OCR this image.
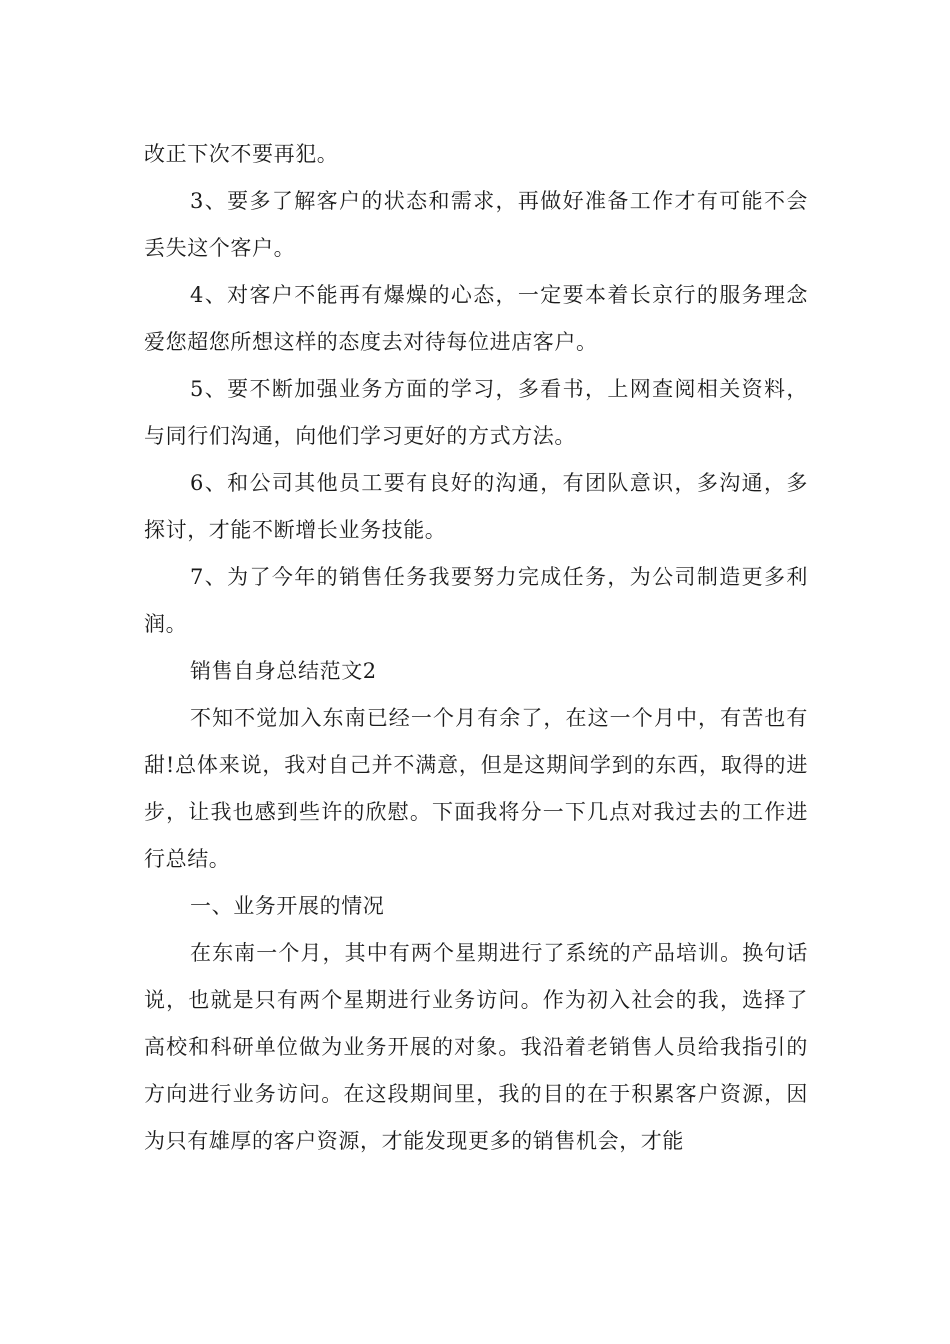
改正下次不要再犯。

3、要多了解客户的状态和需求，再做好准备工作才有可能不会丢失这个客户。

4、对客户不能再有爆燥的心态，一定要本着长京行的服务理念爱您超您所想这样的态度去对待每位进店客户。

5、要不断加强业务方面的学习，多看书，上网查阅相关资料，与同行们沟通，向他们学习更好的方式方法。

6、和公司其他员工要有良好的沟通，有团队意识，多沟通，多探讨，才能不断增长业务技能。

7、为了今年的销售任务我要努力完成任务，为公司制造更多利润。

销售自身总结范文2

不知不觉加入东南已经一个月有余了，在这一个月中，有苦也有甜!总体来说，我对自己并不满意，但是这期间学到的东西，取得的进步，让我也感到些许的欣慰。下面我将分一下几点对我过去的工作进行总结。

一、业务开展的情况

在东南一个月，其中有两个星期进行了系统的产品培训。换句话说，也就是只有两个星期进行业务访问。作为初入社会的我，选择了高校和科研单位做为业务开展的对象。我沿着老销售人员给我指引的方向进行业务访问。在这段期间里，我的目的在于积累客户资源，因为只有雄厚的客户资源，才能发现更多的销售机会，才能
